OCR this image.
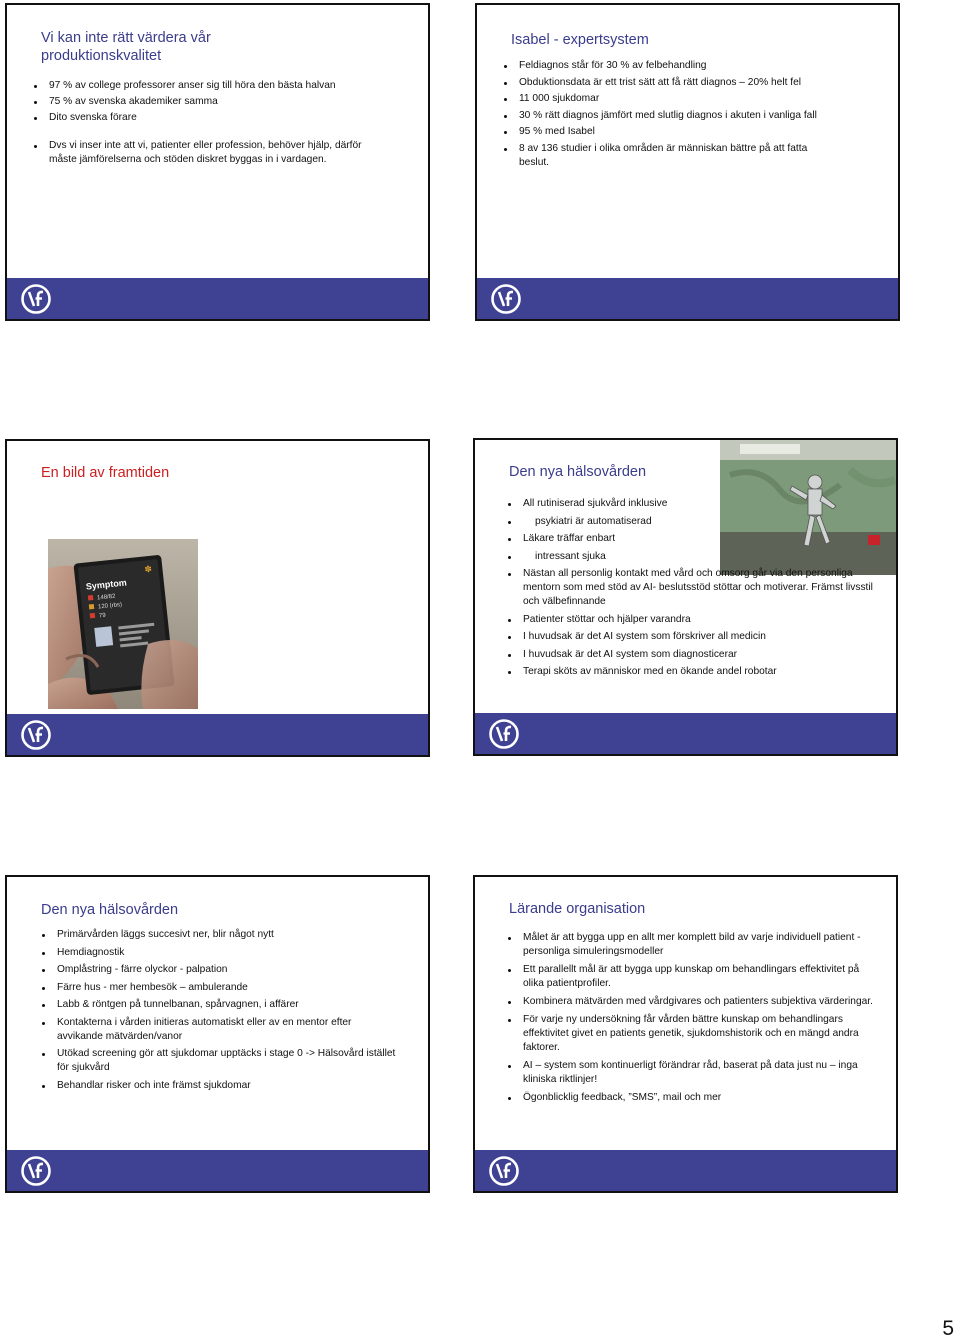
Vi kan inte rätt värdera vår produktionskvalitet
97 % av college professorer anser sig till höra den bästa halvan
75 % av svenska akademiker samma
Dito svenska förare
Dvs vi inser inte att vi, patienter eller profession, behöver hjälp, därför måste jämförelserna och stöden diskret byggas in i vardagen.
Isabel - expertsystem
Feldiagnos står för 30 % av felbehandling
Obduktionsdata är ett trist sätt att få rätt diagnos – 20% helt fel
11 000 sjukdomar
30 % rätt diagnos jämfört med slutlig diagnos i akuten i vanliga fall
95 % med Isabel
8 av 136 studier i olika områden är människan bättre på att fatta beslut.
En bild av framtiden
Symptom
✽
148/82
120 (rbs)
79
Den nya hälsovården
All rutiniserad sjukvård inklusive
psykiatri är automatiserad
Läkare träffar enbart
intressant sjuka
Nästan all personlig kontakt med vård och omsorg går via den personliga mentorn som med stöd av AI- beslutsstöd stöttar och motiverar. Främst livsstil och välbefinnande
Patienter stöttar och hjälper varandra
I huvudsak är det AI system som förskriver all medicin
I huvudsak är det AI system som diagnosticerar
Terapi sköts av människor med en ökande andel robotar
Den nya hälsovården
Primärvården läggs succesivt ner, blir något nytt
Hemdiagnostik
Omplåstring - färre olyckor - palpation
Färre hus - mer hembesök – ambulerande
Labb & röntgen på tunnelbanan, spårvagnen, i affärer
Kontakterna i vården initieras automatiskt eller av en mentor efter avvikande mätvärden/vanor
Utökad screening gör att sjukdomar upptäcks i stage 0 -> Hälsovård istället för sjukvård
Behandlar risker och inte främst sjukdomar
Lärande organisation
Målet är att bygga upp en allt mer komplett bild av varje individuell patient - personliga simuleringsmodeller
Ett parallellt mål är att bygga upp kunskap om behandlingars effektivitet på olika patientprofiler.
Kombinera mätvärden med vårdgivares och patienters subjektiva värderingar.
För varje ny undersökning får vården bättre kunskap om behandlingars effektivitet givet en patients genetik, sjukdomshistorik och en mängd andra faktorer.
AI – system som kontinuerligt förändrar råd, baserat på data just nu – inga kliniska riktlinjer!
Ögonblicklig feedback, ”SMS”, mail och mer
5
